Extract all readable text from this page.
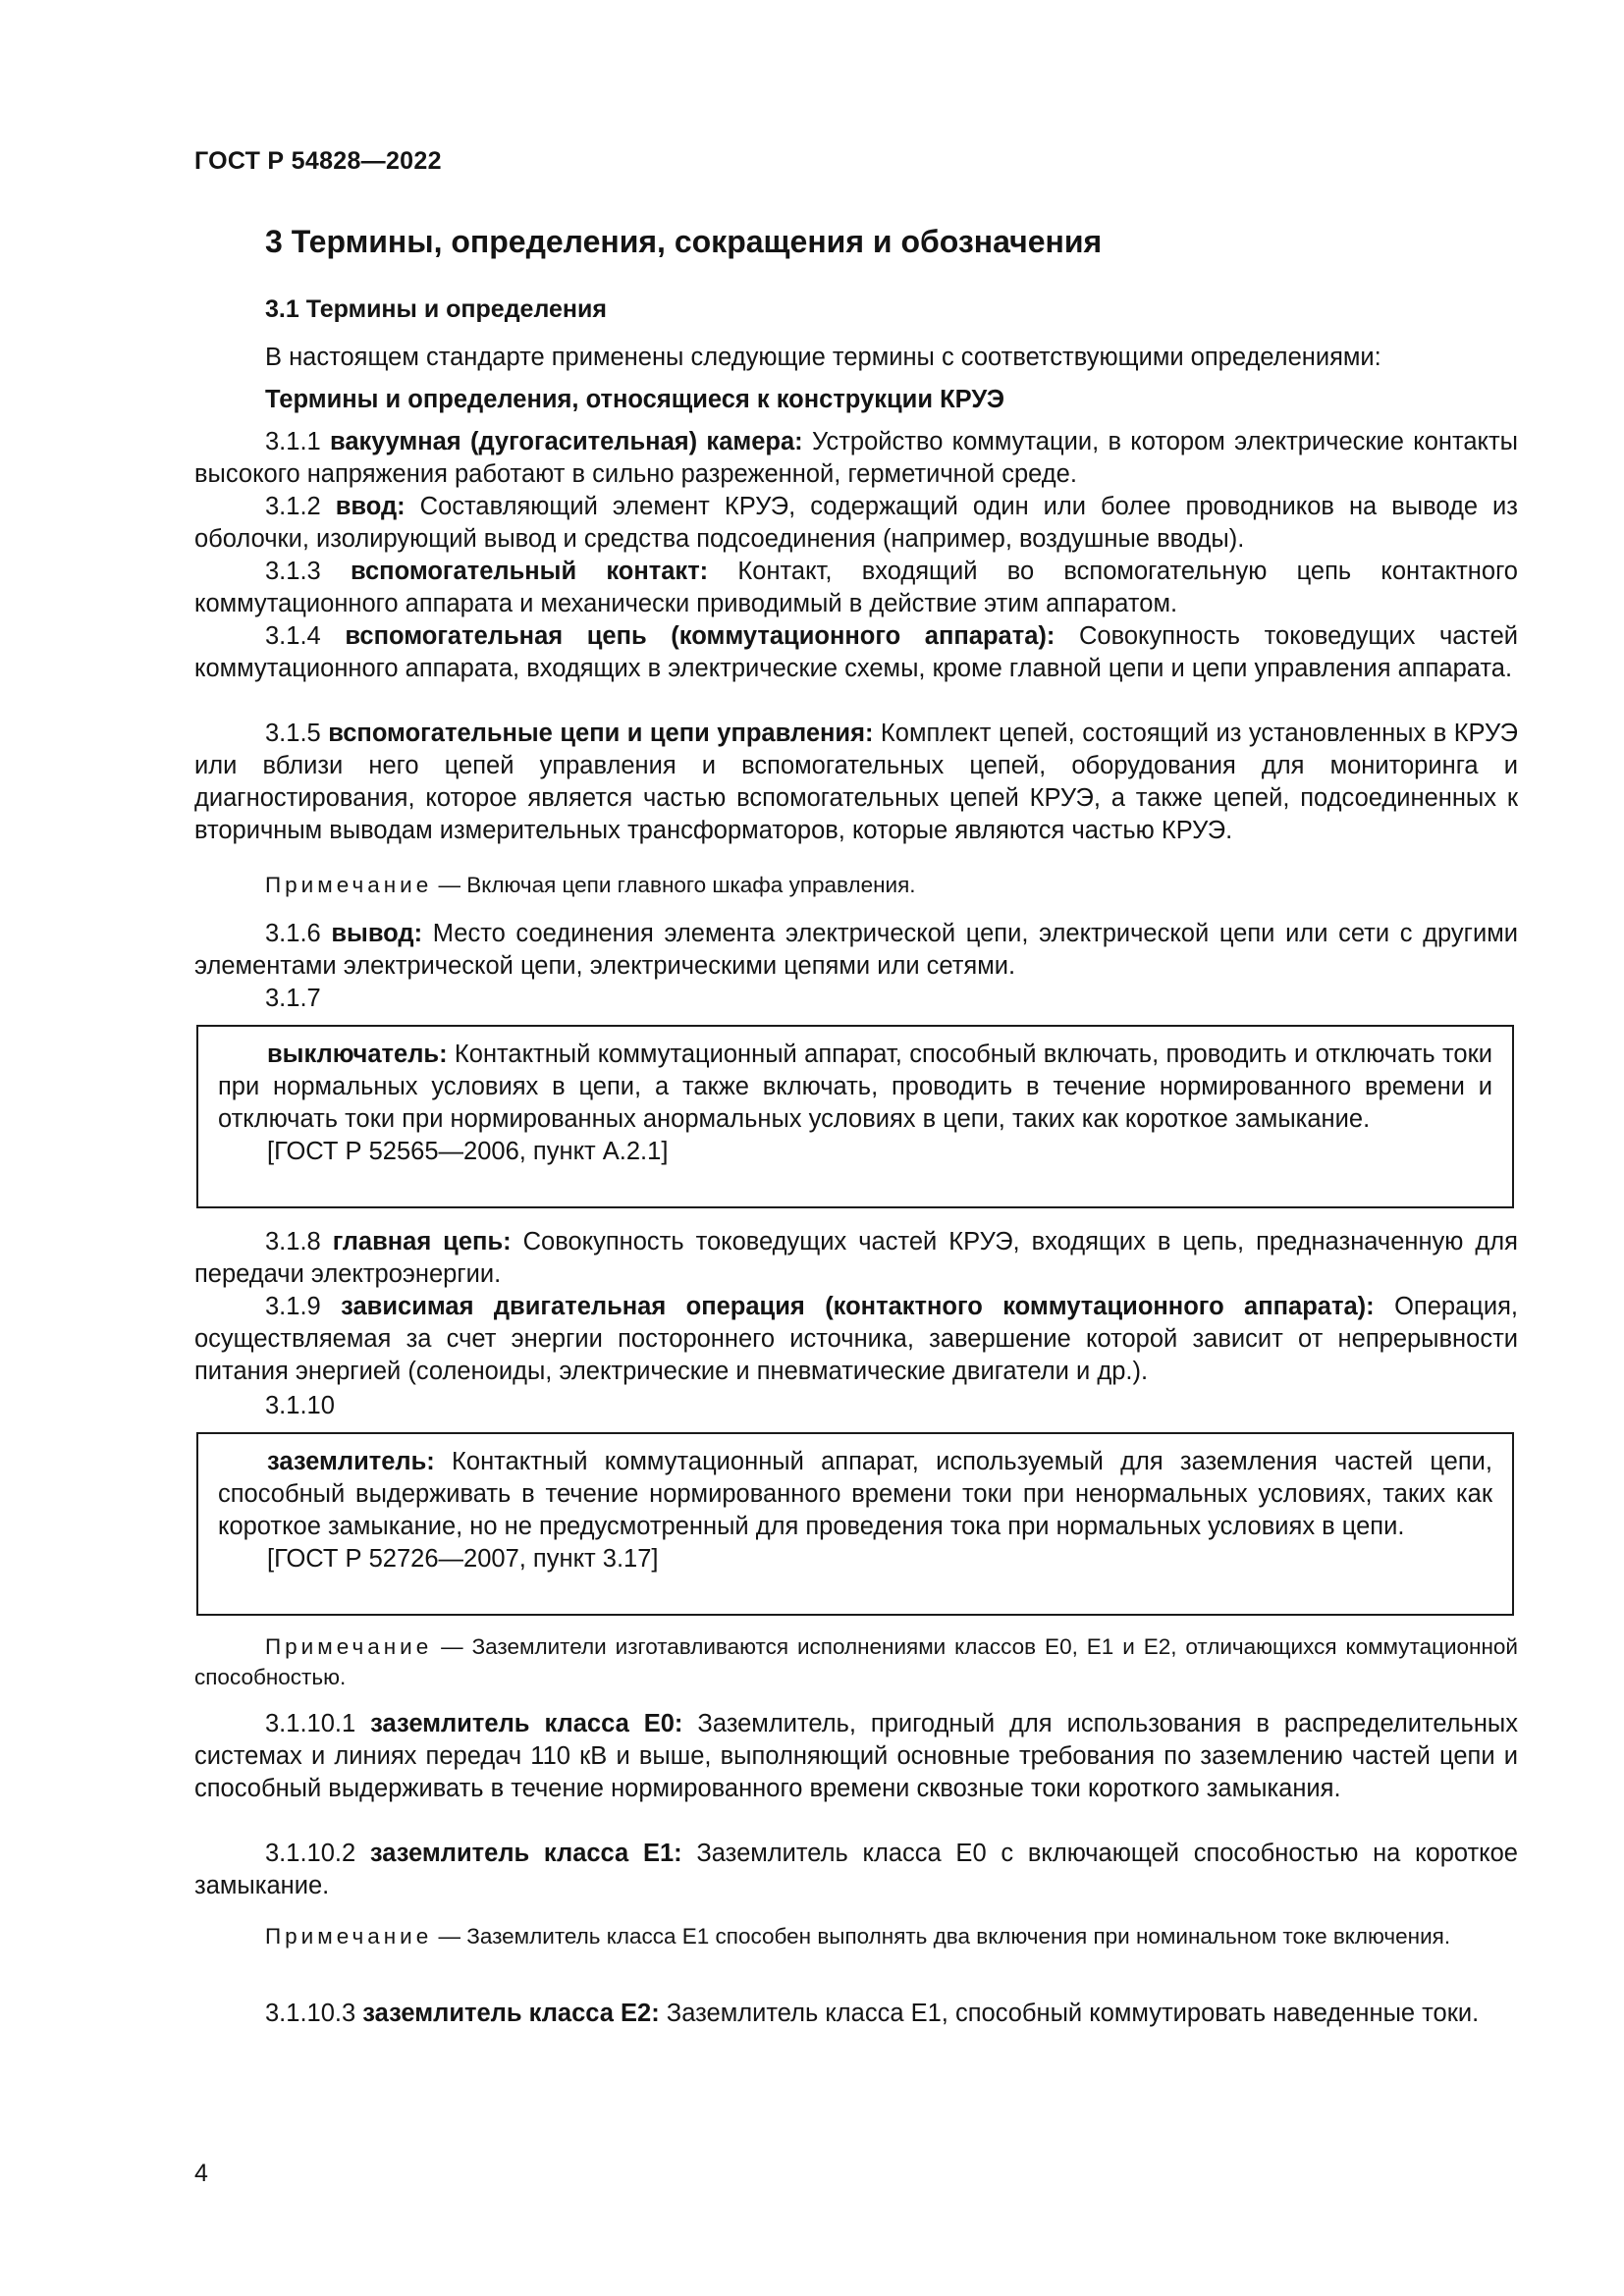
ГОСТ Р 54828—2022
3 Термины, определения, сокращения и обозначения
3.1 Термины и определения
В настоящем стандарте применены следующие термины с соответствующими определениями:
Термины и определения, относящиеся к конструкции КРУЭ

3.1.1 вакуумная (дугогасительная) камера: Устройство коммутации, в котором электрические контакты высокого напряжения работают в сильно разреженной, герметичной среде.

3.1.2 ввод: Составляющий элемент КРУЭ, содержащий один или более проводников на выводе из оболочки, изолирующий вывод и средства подсоединения (например, воздушные вводы).

3.1.3 вспомогательный контакт: Контакт, входящий во вспомогательную цепь контактного коммутационного аппарата и механически приводимый в действие этим аппаратом.

3.1.4 вспомогательная цепь (коммутационного аппарата): Совокупность токоведущих частей коммутационного аппарата, входящих в электрические схемы, кроме главной цепи и цепи управления аппарата.

3.1.5 вспомогательные цепи и цепи управления: Комплект цепей, состоящий из установленных в КРУЭ или вблизи него цепей управления и вспомогательных цепей, оборудования для мониторинга и диагностирования, которое является частью вспомогательных цепей КРУЭ, а также цепей, подсоединенных к вторичным выводам измерительных трансформаторов, которые являются частью КРУЭ.

Примечание — Включая цепи главного шкафа управления.

3.1.6 вывод: Место соединения элемента электрической цепи, электрической цепи или сети с другими элементами электрической цепи, электрическими цепями или сетями.

3.1.7

выключатель: Контактный коммутационный аппарат, способный включать, проводить и отключать токи при нормальных условиях в цепи, а также включать, проводить в течение нормированного времени и отключать токи при нормированных анормальных условиях в цепи, таких как короткое замыкание.

[ГОСТ Р 52565—2006, пункт А.2.1]

3.1.8 главная цепь: Совокупность токоведущих частей КРУЭ, входящих в цепь, предназначенную для передачи электроэнергии.

3.1.9 зависимая двигательная операция (контактного коммутационного аппарата): Операция, осуществляемая за счет энергии постороннего источника, завершение которой зависит от непрерывности питания энергией (соленоиды, электрические и пневматические двигатели и др.).

3.1.10

заземлитель: Контактный коммутационный аппарат, используемый для заземления частей цепи, способный выдерживать в течение нормированного времени токи при ненормальных условиях, таких как короткое замыкание, но не предусмотренный для проведения тока при нормальных условиях в цепи.

[ГОСТ Р 52726—2007, пункт 3.17]

Примечание — Заземлители изготавливаются исполнениями классов Е0, Е1 и Е2, отличающихся коммутационной способностью.

3.1.10.1 заземлитель класса Е0: Заземлитель, пригодный для использования в распределительных системах и линиях передач 110 кВ и выше, выполняющий основные требования по заземлению частей цепи и способный выдерживать в течение нормированного времени сквозные токи короткого замыкания.

3.1.10.2 заземлитель класса Е1: Заземлитель класса Е0 с включающей способностью на короткое замыкание.

Примечание — Заземлитель класса Е1 способен выполнять два включения при номинальном токе включения.

3.1.10.3 заземлитель класса Е2: Заземлитель класса Е1, способный коммутировать наведенные токи.

4
